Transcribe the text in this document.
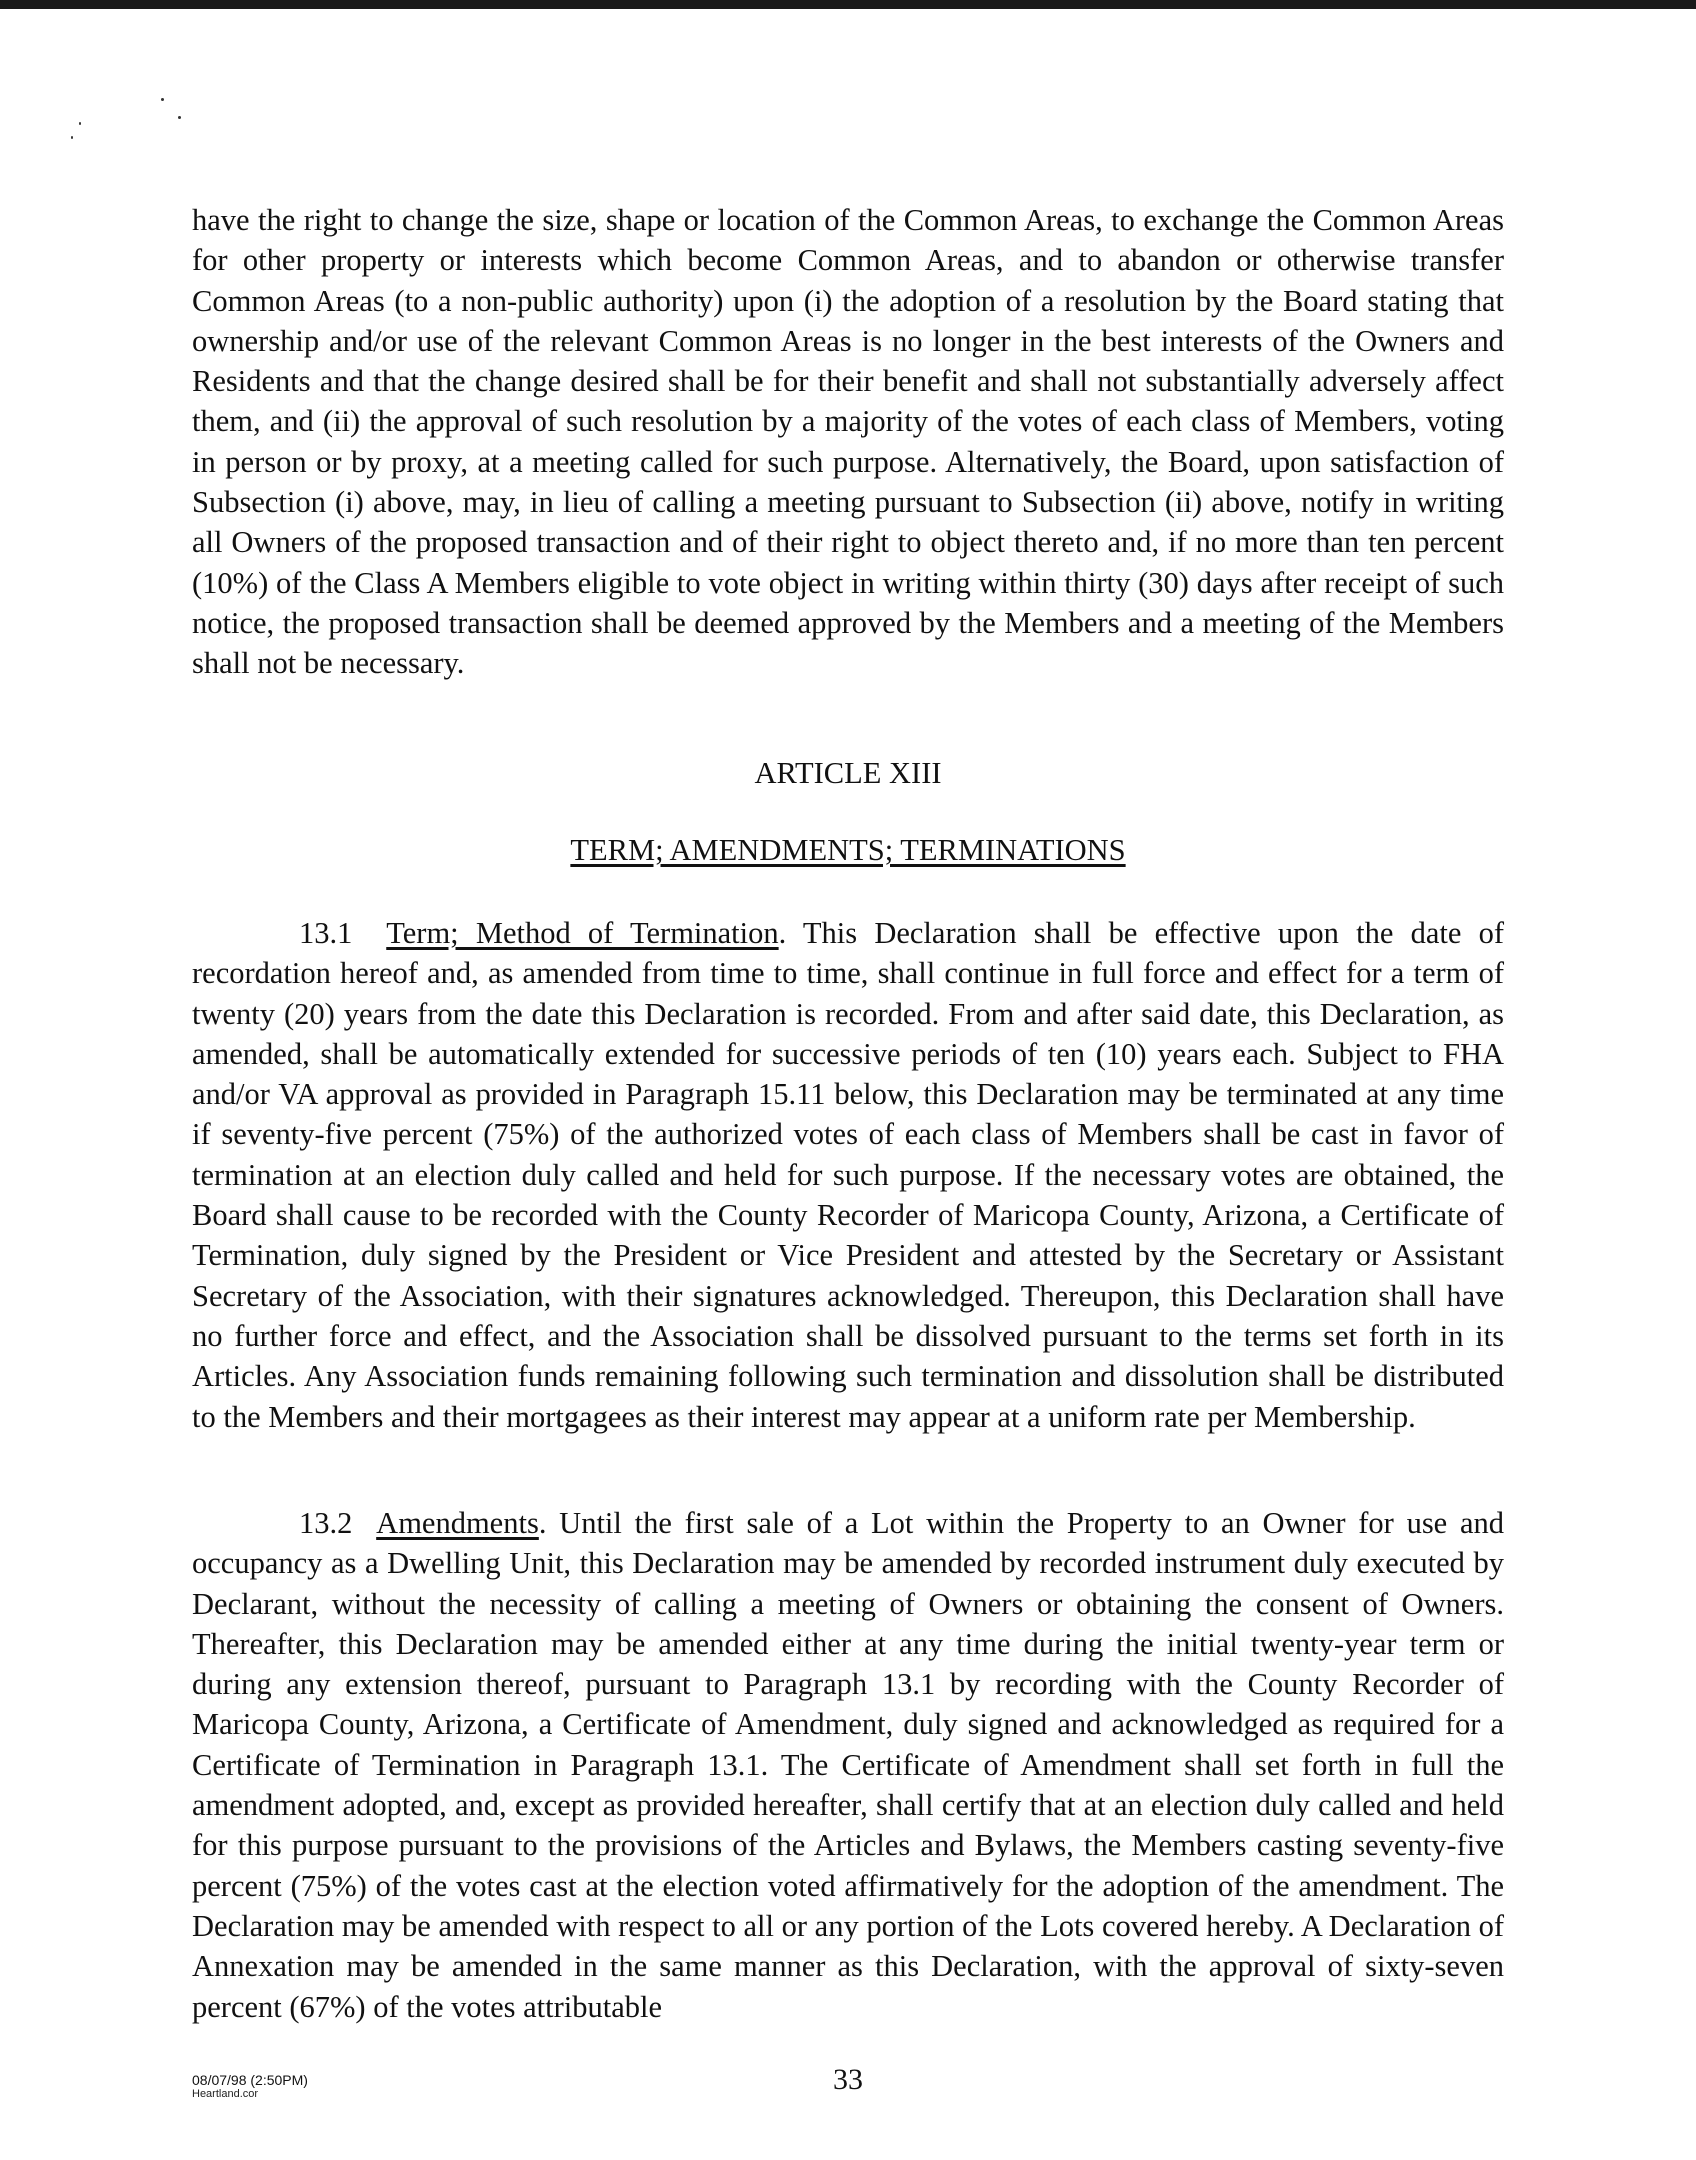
have the right to change the size, shape or location of the Common Areas, to exchange the Common Areas for other property or interests which become Common Areas, and to abandon or otherwise transfer Common Areas (to a non-public authority) upon (i) the adoption of a resolution by the Board stating that ownership and/or use of the relevant Common Areas is no longer in the best interests of the Owners and Residents and that the change desired shall be for their benefit and shall not substantially adversely affect them, and (ii) the approval of such resolution by a majority of the votes of each class of Members, voting in person or by proxy, at a meeting called for such purpose. Alternatively, the Board, upon satisfaction of Subsection (i) above, may, in lieu of calling a meeting pursuant to Subsection (ii) above, notify in writing all Owners of the proposed transaction and of their right to object thereto and, if no more than ten percent (10%) of the Class A Members eligible to vote object in writing within thirty (30) days after receipt of such notice, the proposed transaction shall be deemed approved by the Members and a meeting of the Members shall not be necessary.

ARTICLE XIII

TERM; AMENDMENTS; TERMINATIONS

13.1 Term; Method of Termination. This Declaration shall be effective upon the date of recordation hereof and, as amended from time to time, shall continue in full force and effect for a term of twenty (20) years from the date this Declaration is recorded. From and after said date, this Declaration, as amended, shall be automatically extended for successive periods of ten (10) years each. Subject to FHA and/or VA approval as provided in Paragraph 15.11 below, this Declaration may be terminated at any time if seventy-five percent (75%) of the authorized votes of each class of Members shall be cast in favor of termination at an election duly called and held for such purpose. If the necessary votes are obtained, the Board shall cause to be recorded with the County Recorder of Maricopa County, Arizona, a Certificate of Termination, duly signed by the President or Vice President and attested by the Secretary or Assistant Secretary of the Association, with their signatures acknowledged. Thereupon, this Declaration shall have no further force and effect, and the Association shall be dissolved pursuant to the terms set forth in its Articles. Any Association funds remaining following such termination and dissolution shall be distributed to the Members and their mortgagees as their interest may appear at a uniform rate per Membership.

13.2 Amendments. Until the first sale of a Lot within the Property to an Owner for use and occupancy as a Dwelling Unit, this Declaration may be amended by recorded instrument duly executed by Declarant, without the necessity of calling a meeting of Owners or obtaining the consent of Owners. Thereafter, this Declaration may be amended either at any time during the initial twenty-year term or during any extension thereof, pursuant to Paragraph 13.1 by recording with the County Recorder of Maricopa County, Arizona, a Certificate of Amendment, duly signed and acknowledged as required for a Certificate of Termination in Paragraph 13.1. The Certificate of Amendment shall set forth in full the amendment adopted, and, except as provided hereafter, shall certify that at an election duly called and held for this purpose pursuant to the provisions of the Articles and Bylaws, the Members casting seventy-five percent (75%) of the votes cast at the election voted affirmatively for the adoption of the amendment. The Declaration may be amended with respect to all or any portion of the Lots covered hereby. A Declaration of Annexation may be amended in the same manner as this Declaration, with the approval of sixty-seven percent (67%) of the votes attributable

08/07/98 (2:50PM)
Heartland.cor	33
